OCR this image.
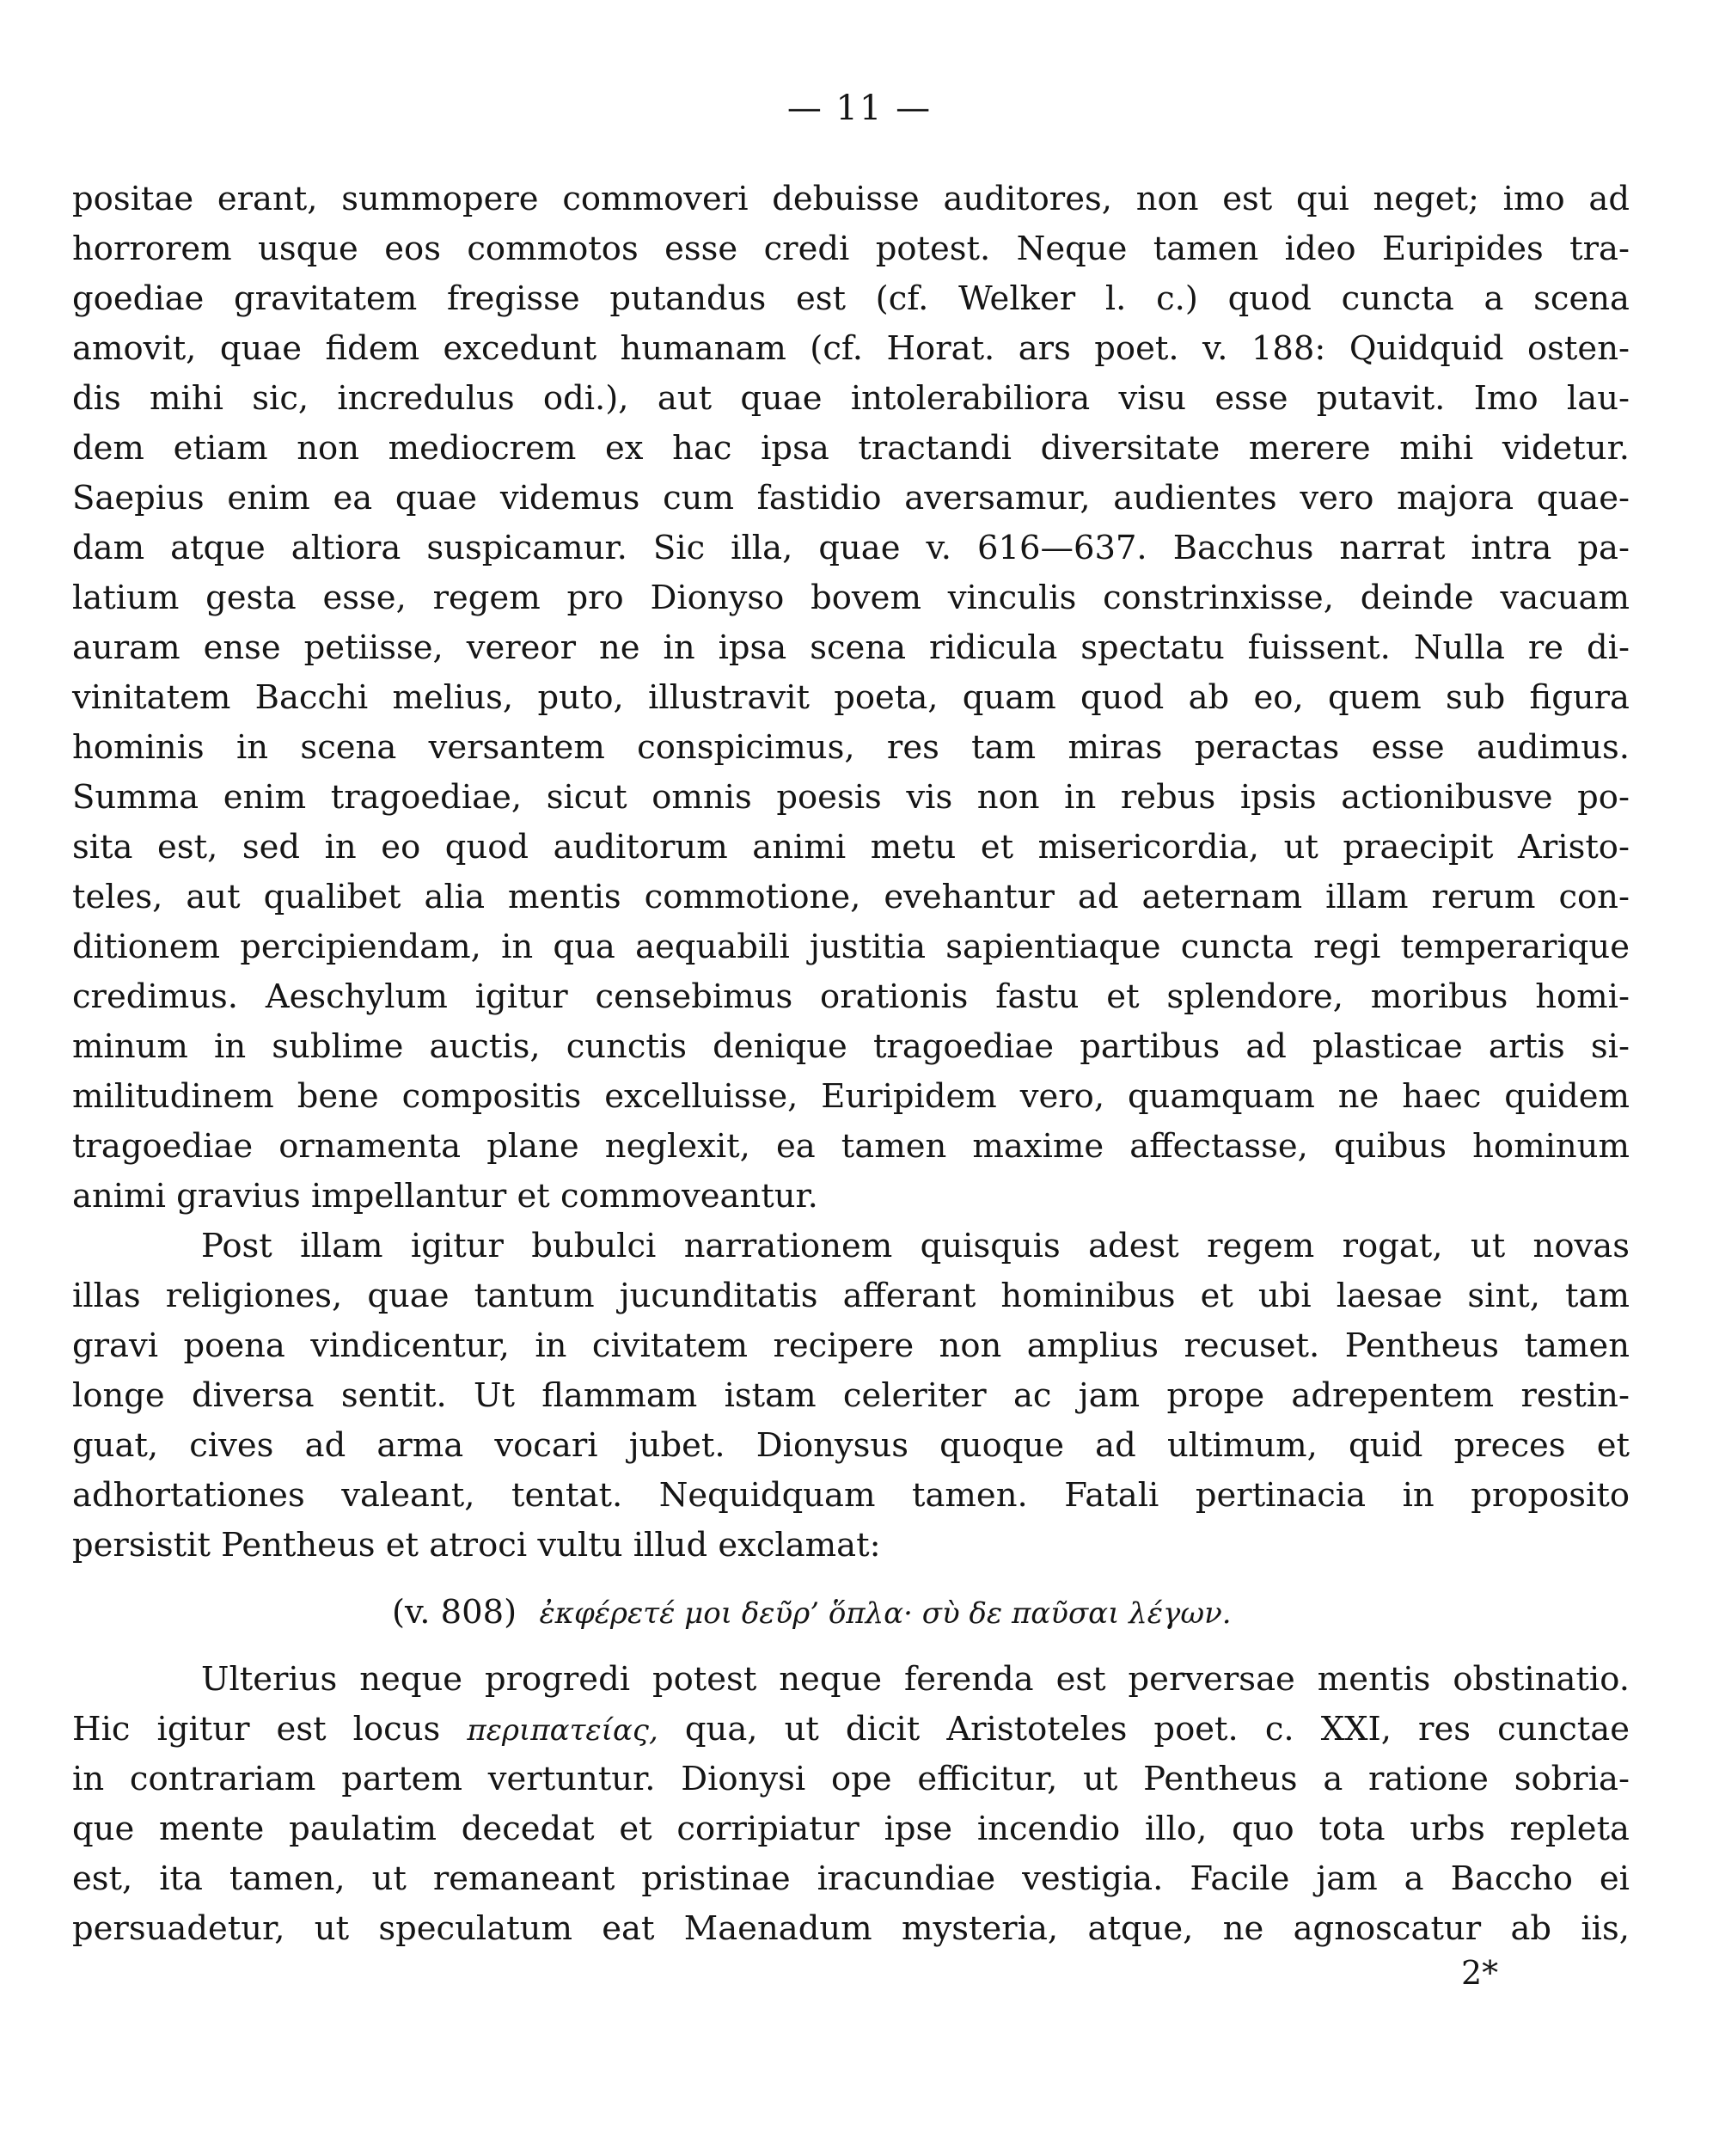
— 11 —
positae erant, summopere commoveri debuisse auditores, non est qui neget; imo ad
horrorem usque eos commotos esse credi potest. Neque tamen ideo Euripides tra-
goediae gravitatem fregisse putandus est (cf. Welker l. c.) quod cuncta a scena
amovit, quae fidem excedunt humanam (cf. Horat. ars poet. v. 188: Quidquid osten-
dis mihi sic, incredulus odi.), aut quae intolerabiliora visu esse putavit. Imo lau-
dem etiam non mediocrem ex hac ipsa tractandi diversitate merere mihi videtur.
Saepius enim ea quae videmus cum fastidio aversamur, audientes vero majora quae-
dam atque altiora suspicamur. Sic illa, quae v. 616—637. Bacchus narrat intra pa-
latium gesta esse, regem pro Dionyso bovem vinculis constrinxisse, deinde vacuam
auram ense petiisse, vereor ne in ipsa scena ridicula spectatu fuissent. Nulla re di-
vinitatem Bacchi melius, puto, illustravit poeta, quam quod ab eo, quem sub figura
hominis in scena versantem conspicimus, res tam miras peractas esse audimus.
Summa enim tragoediae, sicut omnis poesis vis non in rebus ipsis actionibusve po-
sita est, sed in eo quod auditorum animi metu et misericordia, ut praecipit Aristo-
teles, aut qualibet alia mentis commotione, evehantur ad aeternam illam rerum con-
ditionem percipiendam, in qua aequabili justitia sapientiaque cuncta regi temperarique
credimus. Aeschylum igitur censebimus orationis fastu et splendore, moribus homi-
minum in sublime auctis, cunctis denique tragoediae partibus ad plasticae artis si-
militudinem bene compositis excelluisse, Euripidem vero, quamquam ne haec quidem
tragoediae ornamenta plane neglexit, ea tamen maxime affectasse, quibus hominum
animi gravius impellantur et commoveantur.
Post illam igitur bubulci narrationem quisquis adest regem rogat, ut novas
illas religiones, quae tantum jucunditatis afferant hominibus et ubi laesae sint, tam
gravi poena vindicentur, in civitatem recipere non amplius recuset. Pentheus tamen
longe diversa sentit. Ut flammam istam celeriter ac jam prope adrepentem restin-
guat, cives ad arma vocari jubet. Dionysus quoque ad ultimum, quid preces et
adhortationes valeant, tentat. Nequidquam tamen. Fatali pertinacia in proposito
persistit Pentheus et atroci vultu illud exclamat:
(v. 808) ἐκφέρετέ μοι δεῦρ’ ὅπλα· σὺ δε παῦσαι λέγων.
Ulterius neque progredi potest neque ferenda est perversae mentis obstinatio.
Hic igitur est locus περιπατείας, qua, ut dicit Aristoteles poet. c. XXI, res cunctae
in contrariam partem vertuntur. Dionysi ope efficitur, ut Pentheus a ratione sobria-
que mente paulatim decedat et corripiatur ipse incendio illo, quo tota urbs repleta
est, ita tamen, ut remaneant pristinae iracundiae vestigia. Facile jam a Baccho ei
persuadetur, ut speculatum eat Maenadum mysteria, atque, ne agnoscatur ab iis,
2*
